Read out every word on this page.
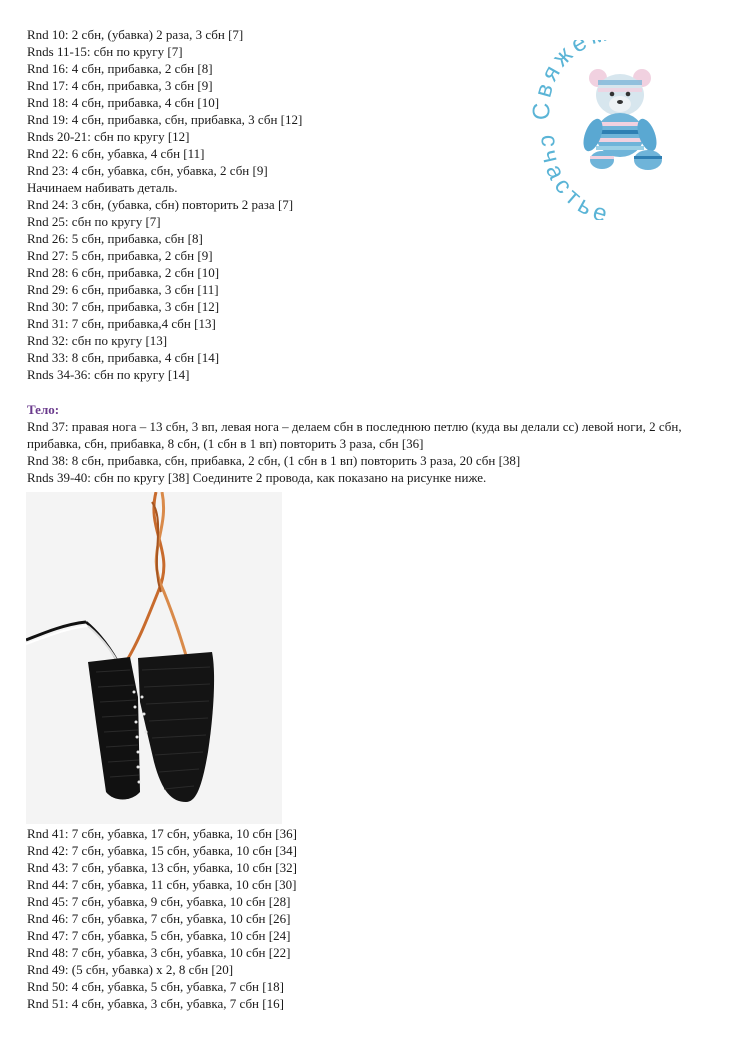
Rnd 10: 2 сбн, (убавка) 2 раза, 3 сбн [7]

Rnds 11-15: сбн по кругу [7]

Rnd 16: 4 сбн, прибавка, 2 сбн [8]

Rnd 17: 4 сбн, прибавка, 3 сбн [9]

Rnd 18: 4 сбн, прибавка, 4 сбн [10]

Rnd 19: 4 сбн, прибавка, сбн, прибавка, 3 сбн [12]

Rnds 20-21: сбн по кругу [12]

Rnd 22: 6 сбн, убавка, 4 сбн [11]

Rnd 23: 4 сбн, убавка, сбн, убавка, 2 сбн [9]

Начинаем набивать деталь.

Rnd 24: 3 сбн, (убавка, сбн) повторить 2 раза [7]

Rnd 25: сбн по кругу [7]

Rnd 26: 5 сбн, прибавка, сбн [8]

Rnd 27: 5 сбн, прибавка, 2 сбн [9]

Rnd 28: 6 сбн, прибавка, 2 сбн [10]

Rnd 29: 6 сбн, прибавка, 3 сбн [11]

Rnd 30: 7 сбн, прибавка, 3 сбн [12]

Rnd 31: 7 сбн, прибавка,4 сбн [13]

Rnd 32: сбн по кругу [13]

Rnd 33: 8 сбн, прибавка, 4 сбн [14]

Rnds 34-36: сбн по кругу [14]

Тело:

Rnd 37: правая нога – 13 сбн, 3 вп, левая нога – делаем сбн в последнюю петлю (куда вы делали сс) левой ноги, 2 сбн, прибавка, сбн, прибавка, 8 сбн, (1 сбн в 1 вп) повторить 3 раза, сбн [36]

Rnd 38: 8 сбн, прибавка, сбн, прибавка, 2 сбн, (1 сбн в 1 вп) повторить 3 раза, 20 сбн [38]

Rnds 39-40: сбн по кругу [38] Соедините 2 провода, как показано на рисунке ниже.

Свяже
счастье

Rnd 41: 7 сбн, убавка, 17 сбн, убавка, 10 сбн [36]

Rnd 42: 7 сбн, убавка, 15 сбн, убавка, 10 сбн [34]

Rnd 43: 7 сбн, убавка, 13 сбн, убавка, 10 сбн [32]

Rnd 44: 7 сбн, убавка, 11 сбн, убавка, 10 сбн [30]

Rnd 45: 7 сбн, убавка, 9 сбн, убавка, 10 сбн [28]

Rnd 46: 7 сбн, убавка, 7 сбн, убавка, 10 сбн [26]

Rnd 47: 7 сбн, убавка, 5 сбн, убавка, 10 сбн [24]

Rnd 48: 7 сбн, убавка, 3 сбн, убавка, 10 сбн [22]

Rnd 49: (5 сбн, убавка) x 2, 8 сбн [20]

Rnd 50: 4 сбн, убавка, 5 сбн, убавка, 7 сбн [18]

Rnd 51: 4 сбн, убавка, 3 сбн, убавка, 7 сбн [16]
